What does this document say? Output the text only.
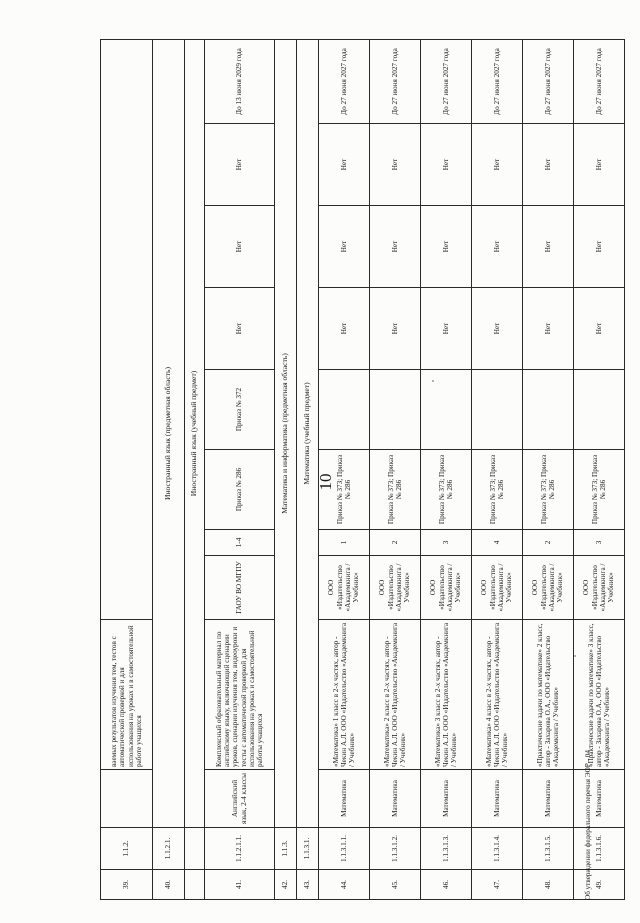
10
39.	1.1.2.		ваемых результатов изучения тем, тестов с автоматической проверкой и для использования на уроках и в самостоятельной работе учащихся								
40.	1.1.2.1.	Иностранный язык (предметная область)									
		Иностранный язык (учебный предмет)									
41.	1.1.2.1.1.	Английский язык, 2-4 классы	Комплексный образовательный материал по английскому языку, включающий сценарии уроков, сценарии изучения тем, видеоуроки и тесты с автоматической проверкой для использования на уроках и самостоятельной работы учащихся	ГАОУ ВО МГПУ	1-4	Приказ № 286	Приказ № 372	Нет	Нет	Нет	До 13 июня 2029 года
42.	1.1.3.	Математика и информатика (предметная область)									
43.	1.1.3.1.	Математика (учебный предмет)									
44.	1.1.3.1.1.	Математика	«Математика» 1 класс в 2-х частях, автор - Чекин А.Л. ООО «Издательство «Академкнига / Учебник»	ООО «Издательство «Академкнига / Учебник»	1	Приказ № 373; Приказ № 286		Нет	Нет	Нет	До 27 июня 2027 года
45.	1.1.3.1.2.	Математика	«Математика» 2 класс в 2-х частях, автор - Чекин А.Л. ООО «Издательство «Академкнига / Учебник»	ООО «Издательство «Академкнига / Учебник»	2	Приказ № 373; Приказ № 286		Нет	Нет	Нет	До 27 июня 2027 года
46.	1.1.3.1.3.	Математика	«Математика» 3 класс в 2-х частях, автор - Чекин А.Л. ООО «Издательство «Академкнига / Учебник»	ООО «Издательство «Академкнига / Учебник»	3	Приказ № 373; Приказ № 286		Нет	Нет	Нет	До 27 июня 2027 года
47.	1.1.3.1.4.	Математика	«Математика» 4 класс в 2-х частях, автор - Чекин А.Л. ООО «Издательство «Академкнига / Учебник»	ООО «Издательство «Академкнига / Учебник»	4	Приказ № 373; Приказ № 286		Нет	Нет	Нет	До 27 июня 2027 года
48.	1.1.3.1.5.	Математика	«Практические задачи по математике» 2 класс, автор - Захарова О.А., ООО «Издательство «Академкнига / Учебник»	ООО «Издательство «Академкнига / Учебник»	2	Приказ № 373; Приказ № 286		Нет	Нет	Нет	До 27 июня 2027 года
49.	1.1.3.1.6.	Математика	«Практические задачи по математике» 3 класс, автор - Захарова О.А., ООО «Издательство «Академкнига / Учебник»	ООО «Издательство «Академкнига / Учебник»	3	Приказ № 373; Приказ № 286		Нет	Нет	Нет	До 27 июня 2027 года
Об утверждении федерального перечня ЭОР - 04
